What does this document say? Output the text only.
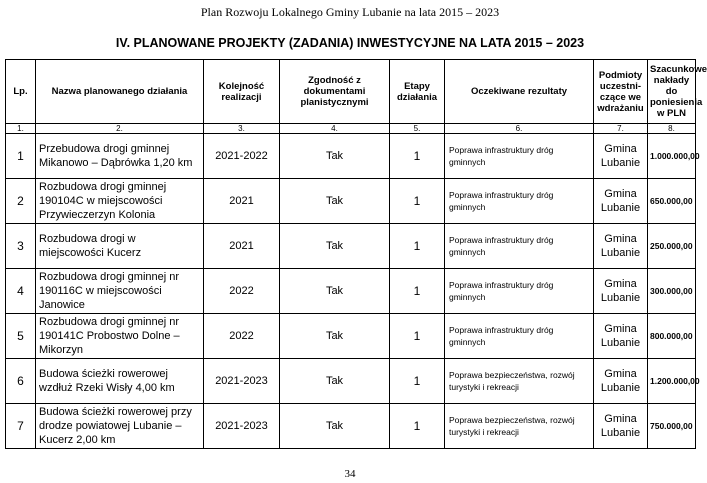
Plan Rozwoju Lokalnego Gminy Lubanie na lata 2015 – 2023
IV. PLANOWANE PROJEKTY (ZADANIA) INWESTYCYJNE NA LATA 2015 – 2023
Lp.	Nazwa planowanego działania	Kolejność realizacji	Zgodność z dokumentami planistycznymi	Etapy działania	Oczekiwane rezultaty	Podmioty uczestni-czące we wdrażaniu	Szacunkowe nakłady do poniesienia w PLN
1.	2.	3.	4.	5.	6.	7.	8.
1	Przebudowa drogi gminnej Mikanowo – Dąbrówka 1,20 km	2021-2022	Tak	1	Poprawa infrastruktury dróg gminnych	Gmina Lubanie	1.000.000,00
2	Rozbudowa drogi gminnej 190104C w miejscowości Przywieczerzyn Kolonia	2021	Tak	1	Poprawa infrastruktury dróg gminnych	Gmina Lubanie	650.000,00
3	Rozbudowa drogi w miejscowości Kucerz	2021	Tak	1	Poprawa infrastruktury dróg gminnych	Gmina Lubanie	250.000,00
4	Rozbudowa drogi gminnej nr 190116C w miejscowości Janowice	2022	Tak	1	Poprawa infrastruktury dróg gminnych	Gmina Lubanie	300.000,00
5	Rozbudowa drogi gminnej nr 190141C Probostwo Dolne – Mikorzyn	2022	Tak	1	Poprawa infrastruktury dróg gminnych	Gmina Lubanie	800.000,00
6	Budowa ścieżki rowerowej wzdłuż Rzeki Wisły 4,00 km	2021-2023	Tak	1	Poprawa bezpieczeństwa, rozwój turystyki i rekreacji	Gmina Lubanie	1.200.000,00
7	Budowa ścieżki rowerowej przy drodze powiatowej Lubanie – Kucerz 2,00 km	2021-2023	Tak	1	Poprawa bezpieczeństwa, rozwój turystyki i rekreacji	Gmina Lubanie	750.000,00
34
